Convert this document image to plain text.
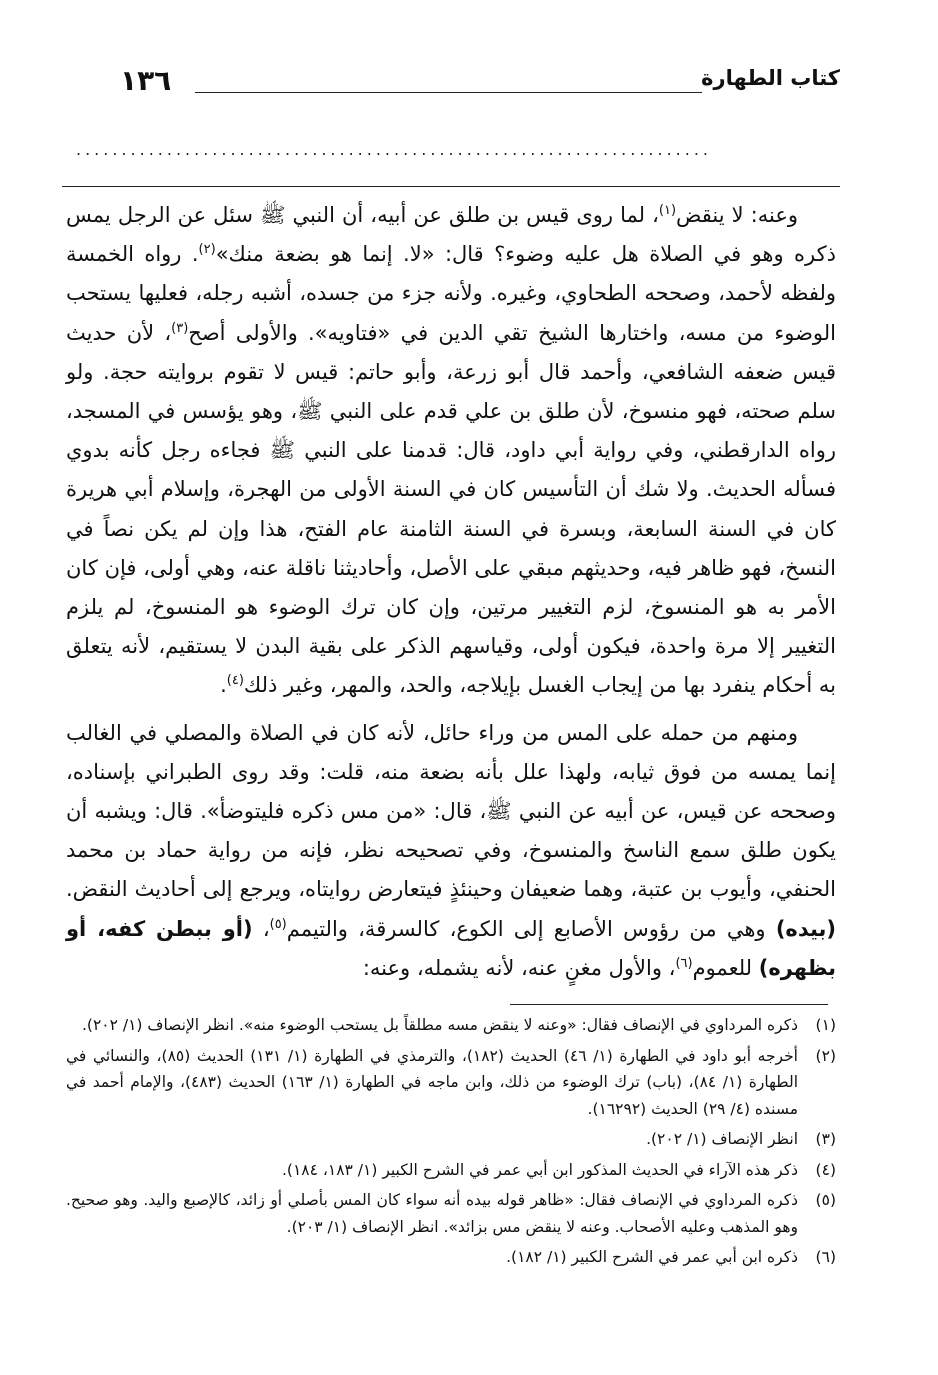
١٣٦	كتاب الطهارة
......................................................................

وعنه: لا ينقض$^{(١)}$، لما روى قيس بن طلق عن أبيه، أن النبي ﷺ سئل عن الرجل يمس ذكره وهو في الصلاة هل عليه وضوء؟ قال: «لا. إنما هو بضعة منك»$^{(٢)}$. رواه الخمسة ولفظه لأحمد، وصححه الطحاوي، وغيره. ولأنه جزء من جسده، أشبه رجله، فعليها يستحب الوضوء من مسه، واختارها الشيخ تقي الدين في «فتاويه». والأولى أصح$^{(٣)}$، لأن حديث قيس ضعفه الشافعي، وأحمد قال أبو زرعة، وأبو حاتم: قيس لا تقوم بروايته حجة. ولو سلم صحته، فهو منسوخ، لأن طلق بن علي قدم على النبي ﷺ، وهو يؤسس في المسجد، رواه الدارقطني، وفي رواية أبي داود، قال: قدمنا على النبي ﷺ فجاءه رجل كأنه بدوي فسأله الحديث. ولا شك أن التأسيس كان في السنة الأولى من الهجرة، وإسلام أبي هريرة كان في السنة السابعة، وبسرة في السنة الثامنة عام الفتح، هذا وإن لم يكن نصاً في النسخ، فهو ظاهر فيه، وحديثهم مبقي على الأصل، وأحاديثنا ناقلة عنه، وهي أولى، فإن كان الأمر به هو المنسوخ، لزم التغيير مرتين، وإن كان ترك الوضوء هو المنسوخ، لم يلزم التغيير إلا مرة واحدة، فيكون أولى، وقياسهم الذكر على بقية البدن لا يستقيم، لأنه يتعلق به أحكام ينفرد بها من إيجاب الغسل بإيلاجه، والحد، والمهر، وغير ذلك$^{(٤)}$.

ومنهم من حمله على المس من وراء حائل، لأنه كان في الصلاة والمصلي في الغالب إنما يمسه من فوق ثيابه، ولهذا علل بأنه بضعة منه، قلت: وقد روى الطبراني بإسناده، وصححه عن قيس، عن أبيه عن النبي ﷺ، قال: «من مس ذكره فليتوضأ». قال: ويشبه أن يكون طلق سمع الناسخ والمنسوخ، وفي تصحيحه نظر، فإنه من رواية حماد بن محمد الحنفي، وأيوب بن عتبة، وهما ضعيفان وحينئذٍ فيتعارض روايتاه، ويرجع إلى أحاديث النقض. (بيده) وهي من رؤوس الأصابع إلى الكوع، كالسرقة، والتيمم$^{(٥)}$، (أو ببطن كفه، أو بظهره) للعموم$^{(٦)}$، والأول مغنٍ عنه، لأنه يشمله، وعنه:

(١)
ذكره المرداوي في الإنصاف فقال: «وعنه لا ينقض مسه مطلقاً بل يستحب الوضوء منه». انظر الإنصاف (١/ ٢٠٢).
(٢)
أخرجه أبو داود في الطهارة (١/ ٤٦) الحديث (١٨٢)، والترمذي في الطهارة (١/ ١٣١) الحديث (٨٥)، والنسائي في الطهارة (١/ ٨٤)، (باب) ترك الوضوء من ذلك، وابن ماجه في الطهارة (١/ ١٦٣) الحديث (٤٨٣)، والإمام أحمد في مسنده (٤/ ٢٩) الحديث (١٦٢٩٢).
(٣)
انظر الإنصاف (١/ ٢٠٢).
(٤)
ذكر هذه الآراء في الحديث المذكور ابن أبي عمر في الشرح الكبير (١/ ١٨٣، ١٨٤).
(٥)
ذكره المرداوي في الإنصاف فقال: «ظاهر قوله بيده أنه سواء كان المس بأصلي أو زائد، كالإصبع واليد. وهو صحيح. وهو المذهب وعليه الأصحاب. وعنه لا ينقض مس بزائد». انظر الإنصاف (١/ ٢٠٣).
(٦)
ذكره ابن أبي عمر في الشرح الكبير (١/ ١٨٢).
